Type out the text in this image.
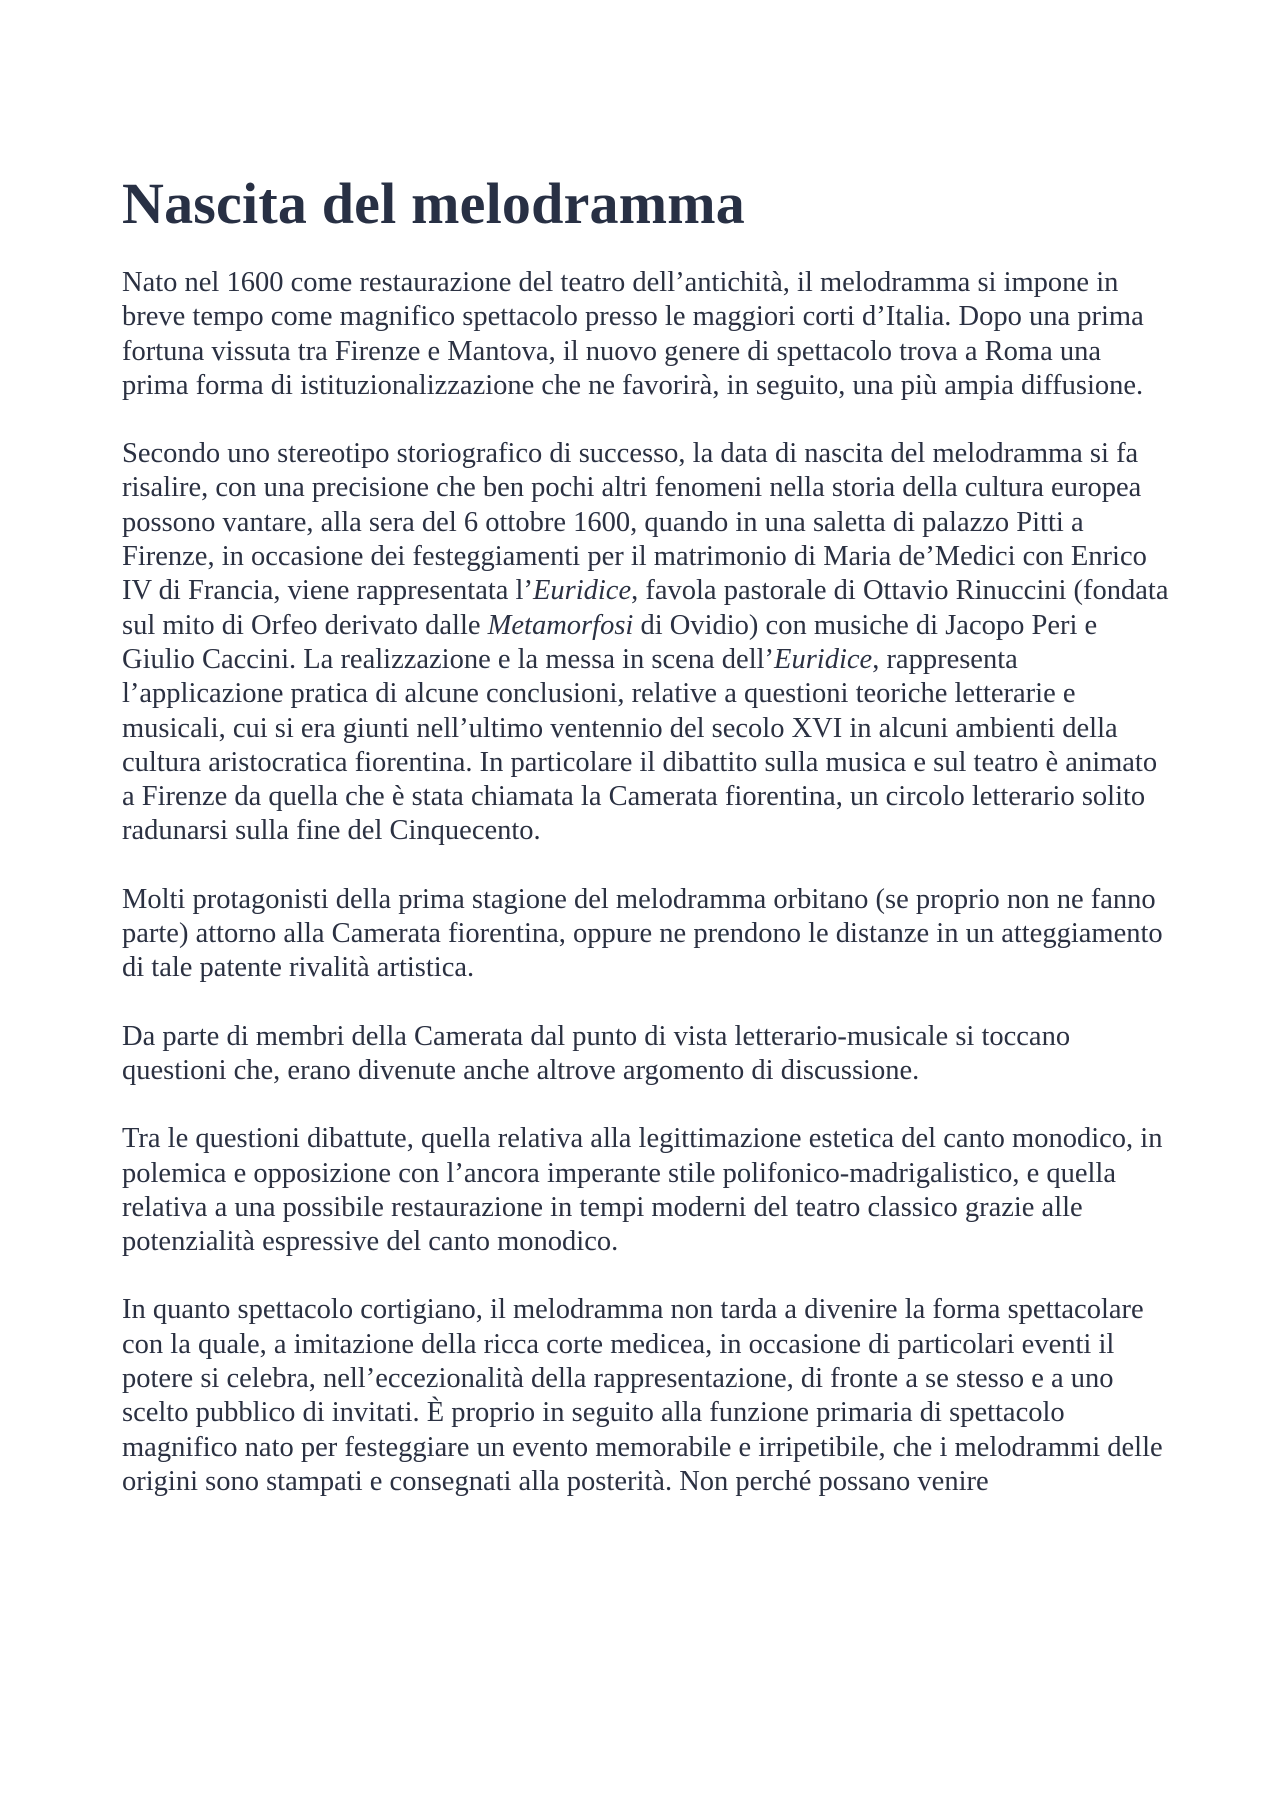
Nascita del melodramma

Nato nel 1600 come restaurazione del teatro dell’antichità, il melodramma si impone in breve tempo come magnifico spettacolo presso le maggiori corti d’Italia. Dopo una prima fortuna vissuta tra Firenze e Mantova, il nuovo genere di spettacolo trova a Roma una prima forma di istituzionalizzazione che ne favorirà, in seguito, una più ampia diffusione.

Secondo uno stereotipo storiografico di successo, la data di nascita del melodramma si fa risalire, con una precisione che ben pochi altri fenomeni nella storia della cultura europea possono vantare, alla sera del 6 ottobre 1600, quando in una saletta di palazzo Pitti a Firenze, in occasione dei festeggiamenti per il matrimonio di Maria de’Medici con Enrico IV di Francia, viene rappresentata l’Euridice, favola pastorale di Ottavio Rinuccini (fondata sul mito di Orfeo derivato dalle Metamorfosi di Ovidio) con musiche di Jacopo Peri e Giulio Caccini. La realizzazione e la messa in scena dell’Euridice, rappresenta l’applicazione pratica di alcune conclusioni, relative a questioni teoriche letterarie e musicali, cui si era giunti nell’ultimo ventennio del secolo XVI in alcuni ambienti della cultura aristocratica fiorentina. In particolare il dibattito sulla musica e sul teatro è animato a Firenze da quella che è stata chiamata la Camerata fiorentina, un circolo letterario solito radunarsi sulla fine del Cinquecento.

Molti protagonisti della prima stagione del melodramma orbitano (se proprio non ne fanno parte) attorno alla Camerata fiorentina, oppure ne prendono le distanze in un atteggiamento di tale patente rivalità artistica.

Da parte di membri della Camerata dal punto di vista letterario-musicale si toccano questioni che, erano divenute anche altrove argomento di discussione.

Tra le questioni dibattute, quella relativa alla legittimazione estetica del canto monodico, in polemica e opposizione con l’ancora imperante stile polifonico-madrigalistico, e quella relativa a una possibile restaurazione in tempi moderni del teatro classico grazie alle potenzialità espressive del canto monodico.

In quanto spettacolo cortigiano, il melodramma non tarda a divenire la forma spettacolare con la quale, a imitazione della ricca corte medicea, in occasione di particolari eventi il potere si celebra, nell’eccezionalità della rappresentazione, di fronte a se stesso e a uno scelto pubblico di invitati. È proprio in seguito alla funzione primaria di spettacolo magnifico nato per festeggiare un evento memorabile e irripetibile, che i melodrammi delle origini sono stampati e consegnati alla posterità. Non perché possano venire
